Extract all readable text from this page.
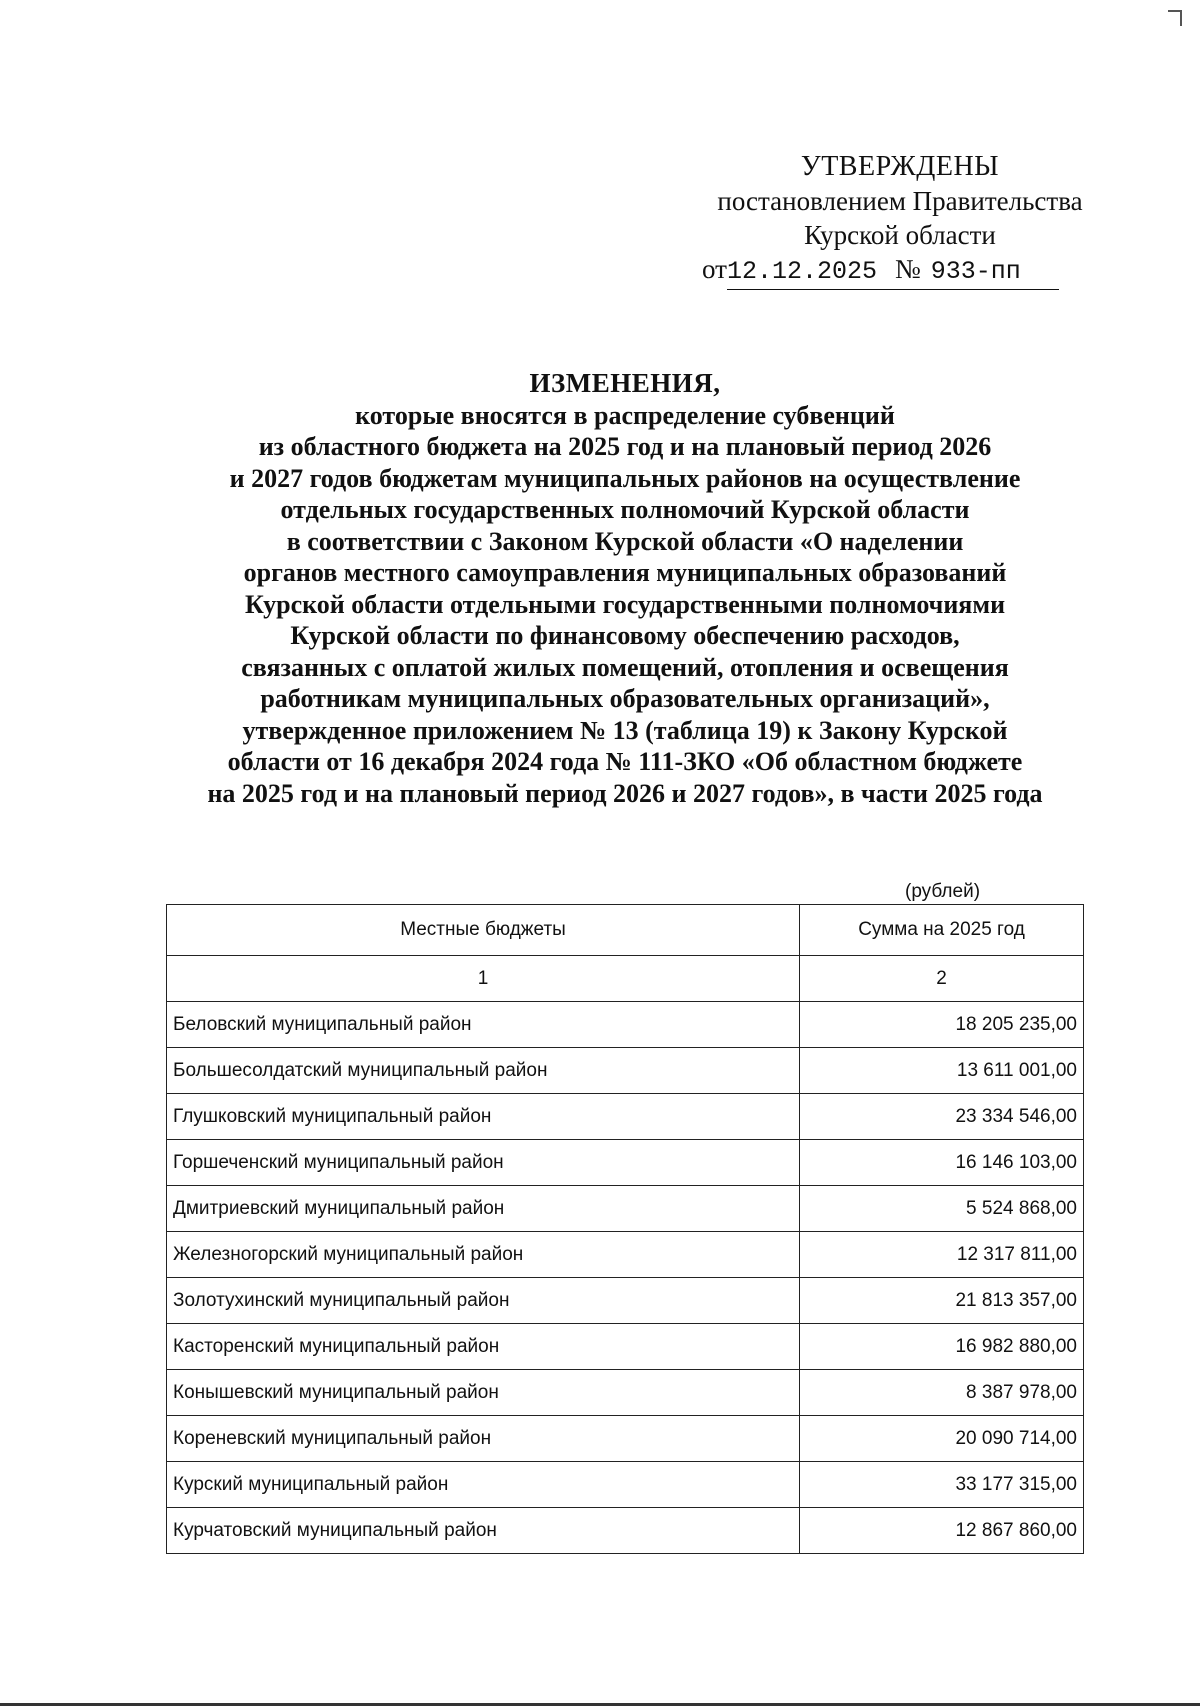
УТВЕРЖДЕНЫ
постановлением Правительства
Курской области
от12.12.2025 № 933-пп
ИЗМЕНЕНИЯ,
которые вносятся в распределение субвенций
из областного бюджета на 2025 год и на плановый период 2026
и 2027 годов бюджетам муниципальных районов на осуществление
отдельных государственных полномочий Курской области
в соответствии с Законом Курской области «О наделении
органов местного самоуправления муниципальных образований
Курской области отдельными государственными полномочиями
Курской области по финансовому обеспечению расходов,
связанных с оплатой жилых помещений, отопления и освещения
работникам муниципальных образовательных организаций»,
утвержденное приложением № 13 (таблица 19) к Закону Курской
области от 16 декабря 2024 года № 111-ЗКО «Об областном бюджете
на 2025 год и на плановый период 2026 и 2027 годов», в части 2025 года
(рублей)
Местные бюджеты	Сумма на 2025 год
1	2
Беловский муниципальный район	18 205 235,00
Большесолдатский муниципальный район	13 611 001,00
Глушковский муниципальный район	23 334 546,00
Горшеченский муниципальный район	16 146 103,00
Дмитриевский муниципальный район	5 524 868,00
Железногорский муниципальный район	12 317 811,00
Золотухинский муниципальный район	21 813 357,00
Касторенский муниципальный район	16 982 880,00
Конышевский муниципальный район	8 387 978,00
Кореневский муниципальный район	20 090 714,00
Курский муниципальный район	33 177 315,00
Курчатовский муниципальный район	12 867 860,00
